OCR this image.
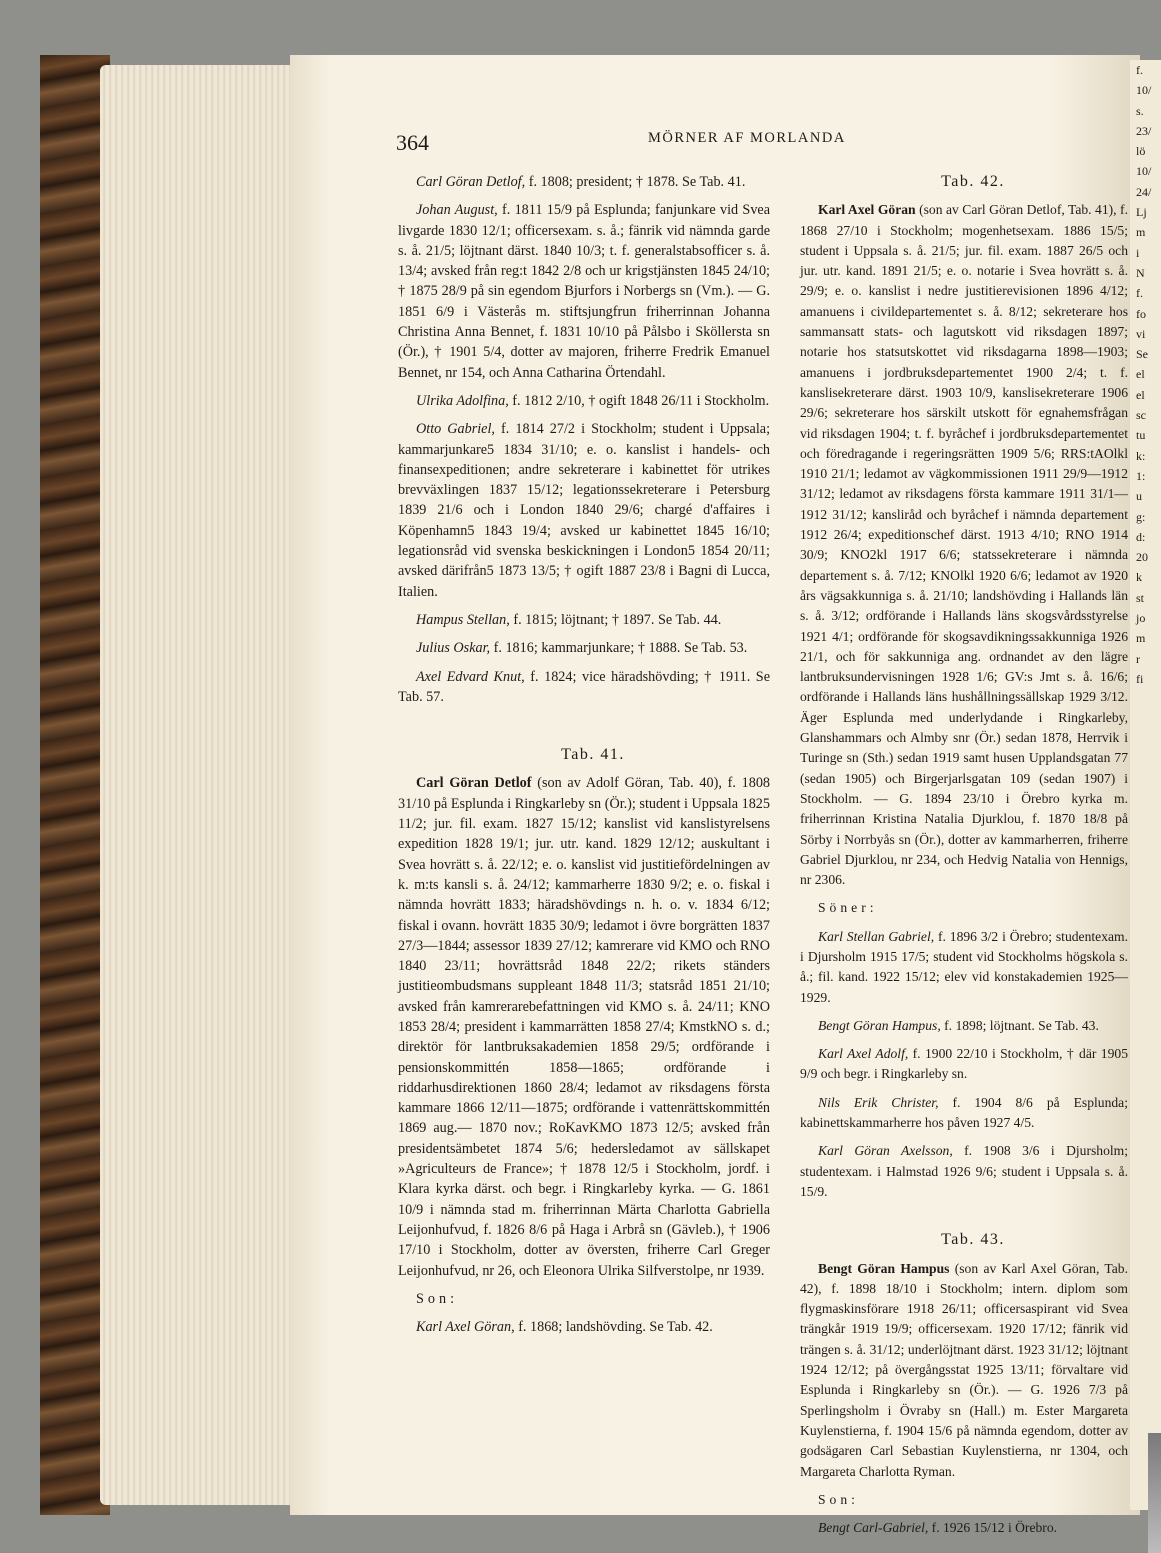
f.
10/
s.
23/
lö
10/
24/
Lj
m
i
N
f.
fo
vi
Se
el
el
sc
tu
k:
1:
u
g:
d:
20
k
st
jo
m
r
fi
364	MÖRNER AF MORLANDA

Carl Göran Detlof, f. 1808; president; † 1878. Se Tab. 41.

Johan August, f. 1811 15/9 på Esplunda; fanjunkare vid Svea livgarde 1830 12/1; officersexam. s. å.; fänrik vid nämnda garde s. å. 21/5; löjtnant därst. 1840 10/3; t. f. generalstabsofficer s. å. 13/4; avsked från reg:t 1842 2/8 och ur krigstjänsten 1845 24/10; † 1875 28/9 på sin egendom Bjurfors i Norbergs sn (Vm.). — G. 1851 6/9 i Västerås m. stiftsjungfrun friherrinnan Johanna Christina Anna Bennet, f. 1831 10/10 på Pålsbo i Sköllersta sn (Ör.), † 1901 5/4, dotter av majoren, friherre Fredrik Emanuel Bennet, nr 154, och Anna Catharina Örtendahl.

Ulrika Adolfina, f. 1812 2/10, † ogift 1848 26/11 i Stockholm.

Otto Gabriel, f. 1814 27/2 i Stockholm; student i Uppsala; kammarjunkare5 1834 31/10; e. o. kanslist i handels- och finansexpeditionen; andre sekreterare i kabinettet för utrikes brevväxlingen 1837 15/12; legationssekreterare i Petersburg 1839 21/6 och i London 1840 29/6; chargé d'affaires i Köpenhamn5 1843 19/4; avsked ur kabinettet 1845 16/10; legationsråd vid svenska beskickningen i London5 1854 20/11; avsked därifrån5 1873 13/5; † ogift 1887 23/8 i Bagni di Lucca, Italien.

Hampus Stellan, f. 1815; löjtnant; † 1897. Se Tab. 44.

Julius Oskar, f. 1816; kammarjunkare; † 1888. Se Tab. 53.

Axel Edvard Knut, f. 1824; vice häradshövding; † 1911. Se Tab. 57.

Tab. 41.

Carl Göran Detlof (son av Adolf Göran, Tab. 40), f. 1808 31/10 på Esplunda i Ringkarleby sn (Ör.); student i Uppsala 1825 11/2; jur. fil. exam. 1827 15/12; kanslist vid kanslistyrelsens expedition 1828 19/1; jur. utr. kand. 1829 12/12; auskultant i Svea hovrätt s. å. 22/12; e. o. kanslist vid justitiefördelningen av k. m:ts kansli s. å. 24/12; kammarherre 1830 9/2; e. o. fiskal i nämnda hovrätt 1833; häradshövdings n. h. o. v. 1834 6/12; fiskal i ovann. hovrätt 1835 30/9; ledamot i övre borgrätten 1837 27/3—1844; assessor 1839 27/12; kamrerare vid KMO och RNO 1840 23/11; hovrättsråd 1848 22/2; rikets ständers justitieombudsmans suppleant 1848 11/3; statsråd 1851 21/10; avsked från kamrerarebefattningen vid KMO s. å. 24/11; KNO 1853 28/4; president i kammarrätten 1858 27/4; KmstkNO s. d.; direktör för lantbruksakademien 1858 29/5; ordförande i pensionskommittén 1858—1865; ordförande i riddarhusdirektionen 1860 28/4; ledamot av riksdagens första kammare 1866 12/11—1875; ordförande i vattenrättskommittén 1869 aug.— 1870 nov.; RoKavKMO 1873 12/5; avsked från presidentsämbetet 1874 5/6; hedersledamot av sällskapet »Agriculteurs de France»; † 1878 12/5 i Stockholm, jordf. i Klara kyrka därst. och begr. i Ringkarleby kyrka. — G. 1861 10/9 i nämnda stad m. friherrinnan Märta Charlotta Gabriella Leijonhufvud, f. 1826 8/6 på Haga i Arbrå sn (Gävleb.), † 1906 17/10 i Stockholm, dotter av översten, friherre Carl Greger Leijonhufvud, nr 26, och Eleonora Ulrika Silfverstolpe, nr 1939.

Son:

Karl Axel Göran, f. 1868; landshövding. Se Tab. 42.

Tab. 42.

Karl Axel Göran (son av Carl Göran Detlof, Tab. 41), f. 1868 27/10 i Stockholm; mogenhetsexam. 1886 15/5; student i Uppsala s. å. 21/5; jur. fil. exam. 1887 26/5 och jur. utr. kand. 1891 21/5; e. o. notarie i Svea hovrätt s. å. 29/9; e. o. kanslist i nedre justitierevisionen 1896 4/12; amanuens i civildepartementet s. å. 8/12; sekreterare hos sammansatt stats- och lagutskott vid riksdagen 1897; notarie hos statsutskottet vid riksdagarna 1898—1903; amanuens i jordbruksdepartementet 1900 2/4; t. f. kanslisekreterare därst. 1903 10/9, kanslisekreterare 1906 29/6; sekreterare hos särskilt utskott för egnahemsfrågan vid riksdagen 1904; t. f. byråchef i jordbruksdepartementet och föredragande i regeringsrätten 1909 5/6; RRS:tAOlkl 1910 21/1; ledamot av vägkommissionen 1911 29/9—1912 31/12; ledamot av riksdagens första kammare 1911 31/1—1912 31/12; kansliråd och byråchef i nämnda departement 1912 26/4; expeditionschef därst. 1913 4/10; RNO 1914 30/9; KNO2kl 1917 6/6; statssekreterare i nämnda departement s. å. 7/12; KNOlkl 1920 6/6; ledamot av 1920 års vägsakkunniga s. å. 21/10; landshövding i Hallands län s. å. 3/12; ordförande i Hallands läns skogsvårdsstyrelse 1921 4/1; ordförande för skogsavdikningssakkunniga 1926 21/1, och för sakkunniga ang. ordnandet av den lägre lantbruksundervisningen 1928 1/6; GV:s Jmt s. å. 16/6; ordförande i Hallands läns hushållningssällskap 1929 3/12. Äger Esplunda med underlydande i Ringkarleby, Glanshammars och Almby snr (Ör.) sedan 1878, Herrvik i Turinge sn (Sth.) sedan 1919 samt husen Upplandsgatan 77 (sedan 1905) och Birgerjarlsgatan 109 (sedan 1907) i Stockholm. — G. 1894 23/10 i Örebro kyrka m. friherrinnan Kristina Natalia Djurklou, f. 1870 18/8 på Sörby i Norrbyås sn (Ör.), dotter av kammarherren, friherre Gabriel Djurklou, nr 234, och Hedvig Natalia von Hennigs, nr 2306.

Söner:

Karl Stellan Gabriel, f. 1896 3/2 i Örebro; studentexam. i Djursholm 1915 17/5; student vid Stockholms högskola s. å.; fil. kand. 1922 15/12; elev vid konstakademien 1925—1929.

Bengt Göran Hampus, f. 1898; löjtnant. Se Tab. 43.

Karl Axel Adolf, f. 1900 22/10 i Stockholm, † där 1905 9/9 och begr. i Ringkarleby sn.

Nils Erik Christer, f. 1904 8/6 på Esplunda; kabinettskammarherre hos påven 1927 4/5.

Karl Göran Axelsson, f. 1908 3/6 i Djursholm; studentexam. i Halmstad 1926 9/6; student i Uppsala s. å. 15/9.

Tab. 43.

Bengt Göran Hampus (son av Karl Axel Göran, Tab. 42), f. 1898 18/10 i Stockholm; intern. diplom som flygmaskinsförare 1918 26/11; officersaspirant vid Svea trängkår 1919 19/9; officersexam. 1920 17/12; fänrik vid trängen s. å. 31/12; underlöjtnant därst. 1923 31/12; löjtnant 1924 12/12; på övergångsstat 1925 13/11; förvaltare vid Esplunda i Ringkarleby sn (Ör.). — G. 1926 7/3 på Sperlingsholm i Övraby sn (Hall.) m. Ester Margareta Kuylenstierna, f. 1904 15/6 på nämnda egendom, dotter av godsägaren Carl Sebastian Kuylenstierna, nr 1304, och Margareta Charlotta Ryman.

Son:

Bengt Carl-Gabriel, f. 1926 15/12 i Örebro.
